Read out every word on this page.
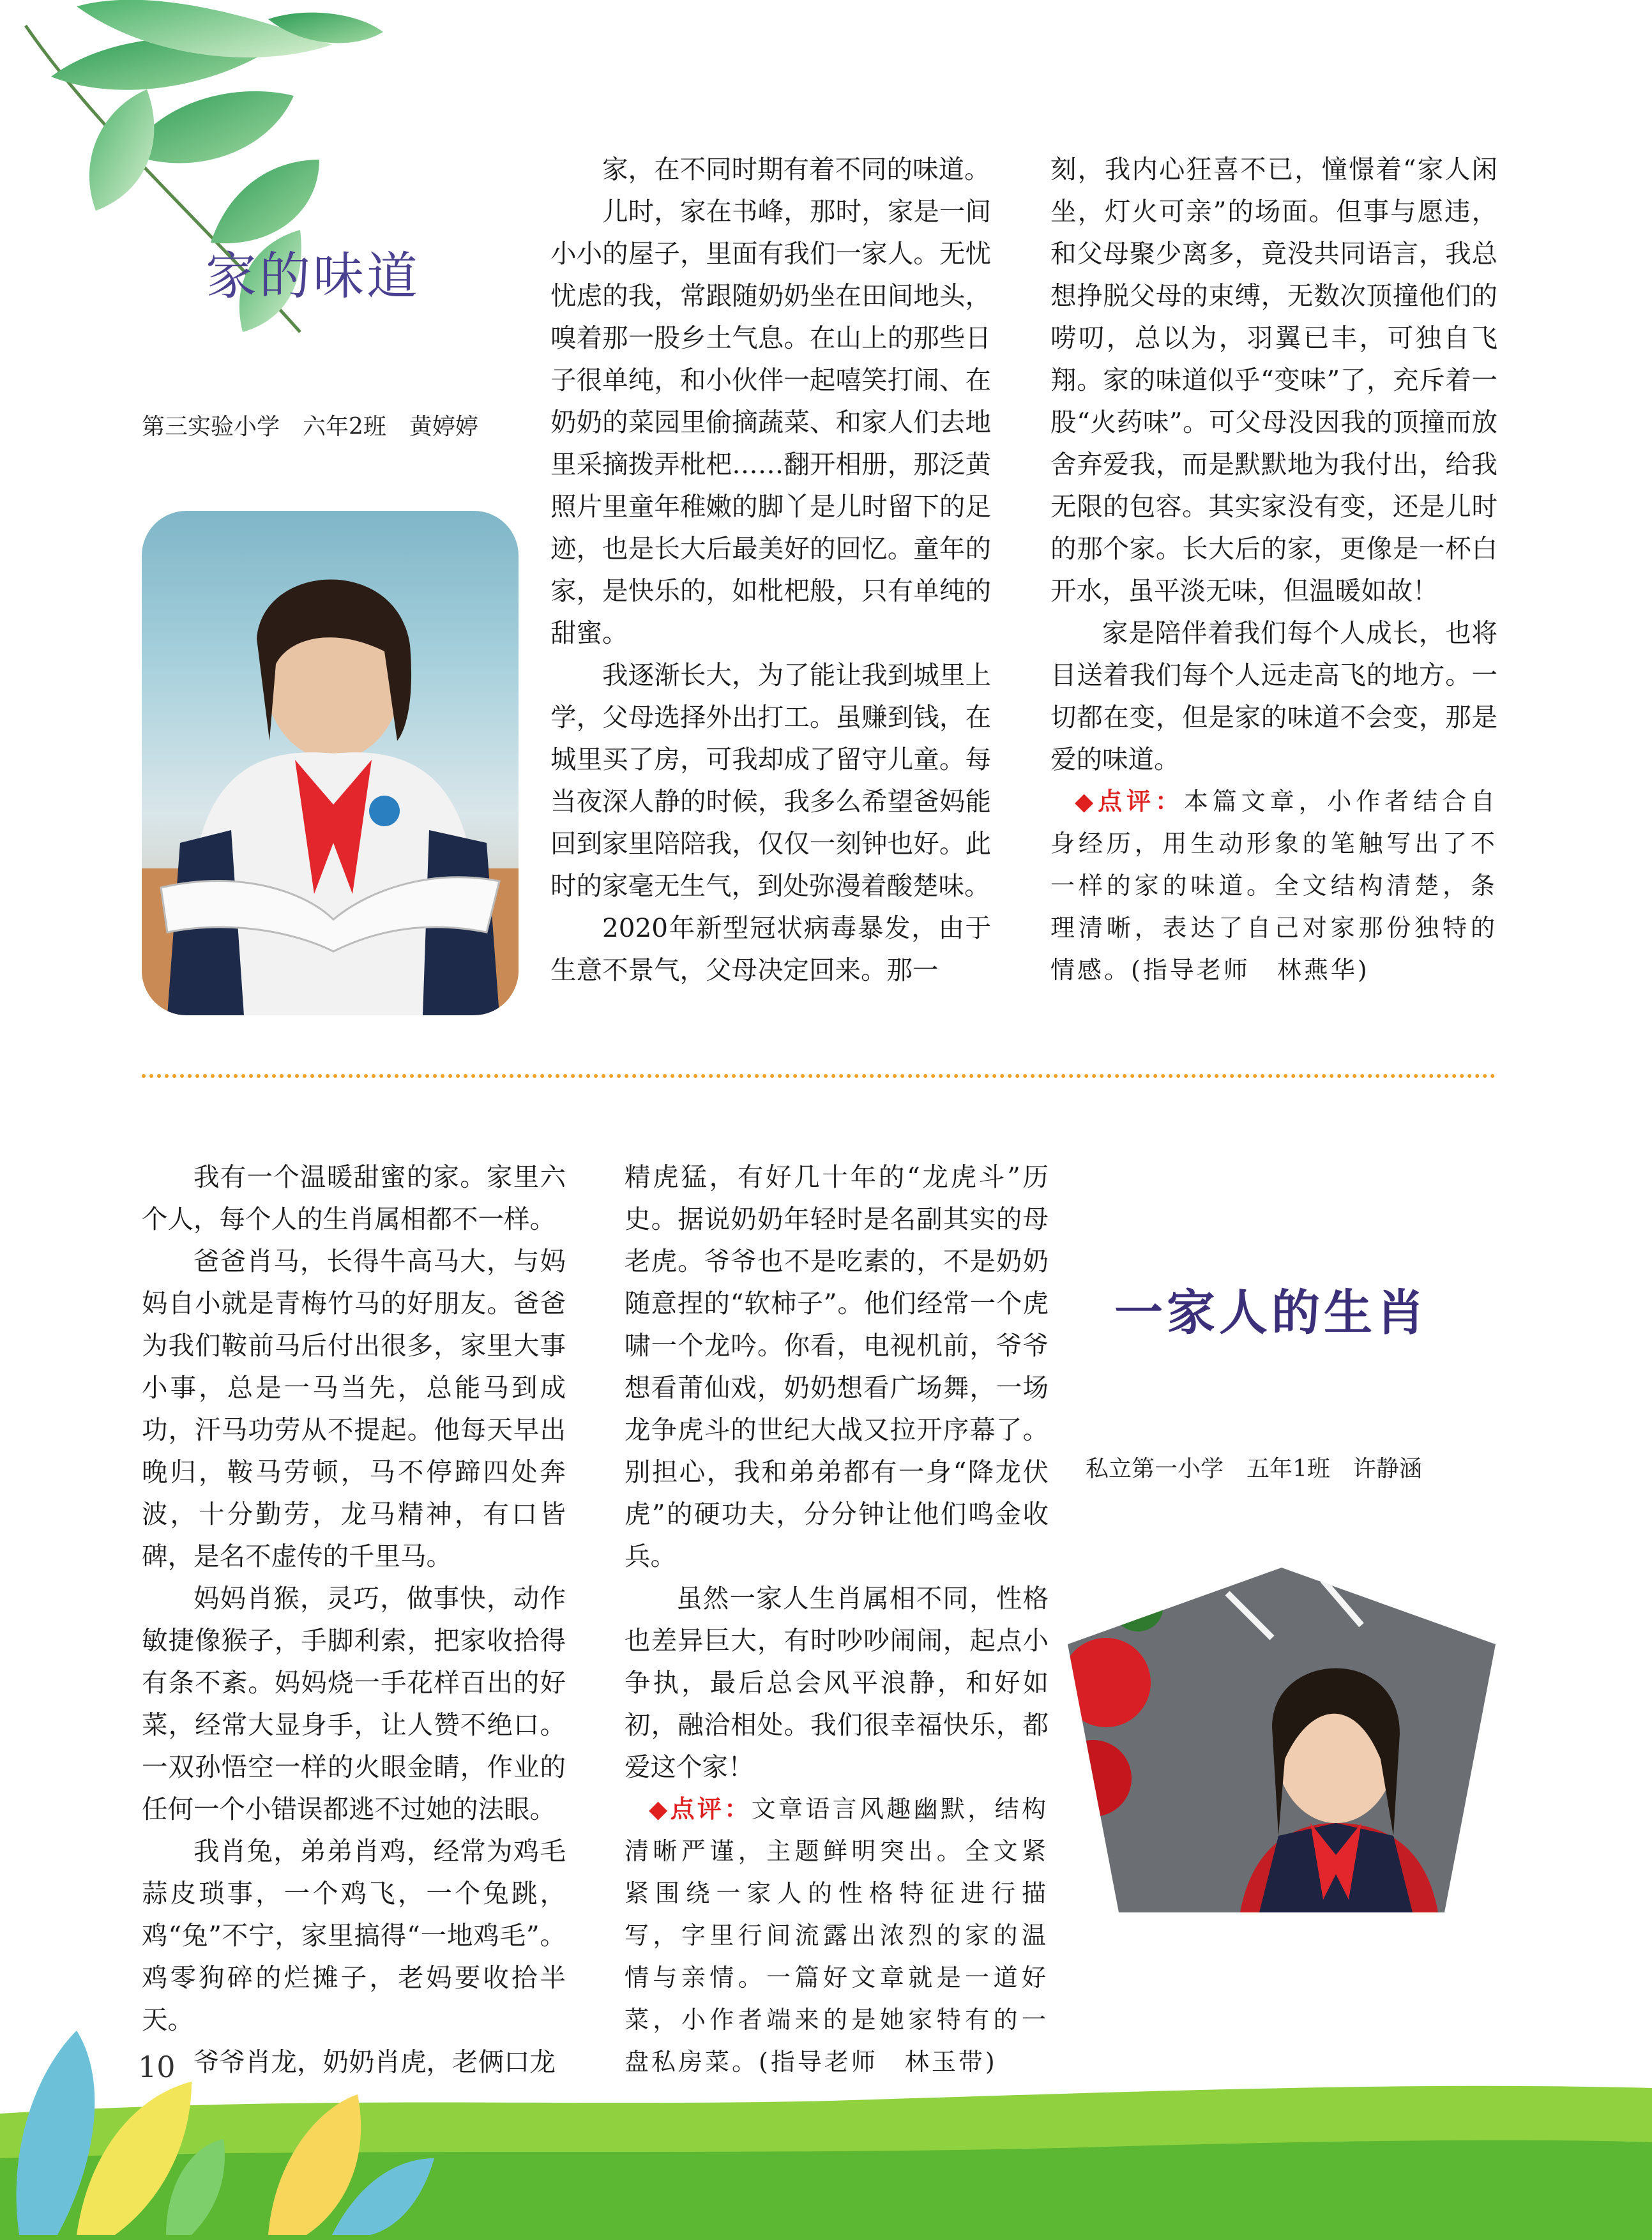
家的味道
第三实验小学　六年2班　黄婷婷

家，在不同时期有着不同的味道。

儿时，家在书峰，那时，家是一间小小的屋子，里面有我们一家人。无忧忧虑的我，常跟随奶奶坐在田间地头，嗅着那一股乡土气息。在山上的那些日子很单纯，和小伙伴一起嘻笑打闹、在奶奶的菜园里偷摘蔬菜、和家人们去地里采摘拨弄枇杷……翻开相册，那泛黄照片里童年稚嫩的脚丫是儿时留下的足迹，也是长大后最美好的回忆。童年的家，是快乐的，如枇杷般，只有单纯的甜蜜。

我逐渐长大，为了能让我到城里上学，父母选择外出打工。虽赚到钱，在城里买了房，可我却成了留守儿童。每当夜深人静的时候，我多么希望爸妈能回到家里陪陪我，仅仅一刻钟也好。此时的家毫无生气，到处弥漫着酸楚味。

2020年新型冠状病毒暴发，由于生意不景气，父母决定回来。那一

刻，我内心狂喜不已，憧憬着“家人闲坐，灯火可亲”的场面。但事与愿违，和父母聚少离多，竟没共同语言，我总想挣脱父母的束缚，无数次顶撞他们的唠叨，总以为，羽翼已丰，可独自飞翔。家的味道似乎“变味”了，充斥着一股“火药味”。可父母没因我的顶撞而放舍弃爱我，而是默默地为我付出，给我无限的包容。其实家没有变，还是儿时的那个家。长大后的家，更像是一杯白开水，虽平淡无味，但温暖如故！

家是陪伴着我们每个人成长，也将目送着我们每个人远走高飞的地方。一切都在变，但是家的味道不会变，那是爱的味道。

◆点评：本篇文章，小作者结合自身经历，用生动形象的笔触写出了不一样的家的味道。全文结构清楚，条理清晰，表达了自己对家那份独特的情感。(指导老师　林燕华)

我有一个温暖甜蜜的家。家里六个人，每个人的生肖属相都不一样。

爸爸肖马，长得牛高马大，与妈妈自小就是青梅竹马的好朋友。爸爸为我们鞍前马后付出很多，家里大事小事，总是一马当先，总能马到成功，汗马功劳从不提起。他每天早出晚归，鞍马劳顿，马不停蹄四处奔波，十分勤劳，龙马精神，有口皆碑，是名不虚传的千里马。

妈妈肖猴，灵巧，做事快，动作敏捷像猴子，手脚利索，把家收拾得有条不紊。妈妈烧一手花样百出的好菜，经常大显身手，让人赞不绝口。一双孙悟空一样的火眼金睛，作业的任何一个小错误都逃不过她的法眼。

我肖兔，弟弟肖鸡，经常为鸡毛蒜皮琐事，一个鸡飞，一个兔跳，鸡“兔”不宁，家里搞得“一地鸡毛”。鸡零狗碎的烂摊子，老妈要收拾半天。

爷爷肖龙，奶奶肖虎，老俩口龙

精虎猛，有好几十年的“龙虎斗”历史。据说奶奶年轻时是名副其实的母老虎。爷爷也不是吃素的，不是奶奶随意捏的“软柿子”。他们经常一个虎啸一个龙吟。你看，电视机前，爷爷想看莆仙戏，奶奶想看广场舞，一场龙争虎斗的世纪大战又拉开序幕了。别担心，我和弟弟都有一身“降龙伏虎”的硬功夫，分分钟让他们鸣金收兵。

虽然一家人生肖属相不同，性格也差异巨大，有时吵吵闹闹，起点小争执，最后总会风平浪静，和好如初，融洽相处。我们很幸福快乐，都爱这个家！

◆点评：文章语言风趣幽默，结构清晰严谨，主题鲜明突出。全文紧紧围绕一家人的性格特征进行描写，字里行间流露出浓烈的家的温情与亲情。一篇好文章就是一道好菜，小作者端来的是她家特有的一盘私房菜。(指导老师　林玉带)

一家人的生肖
私立第一小学　五年1班　许静涵
10
